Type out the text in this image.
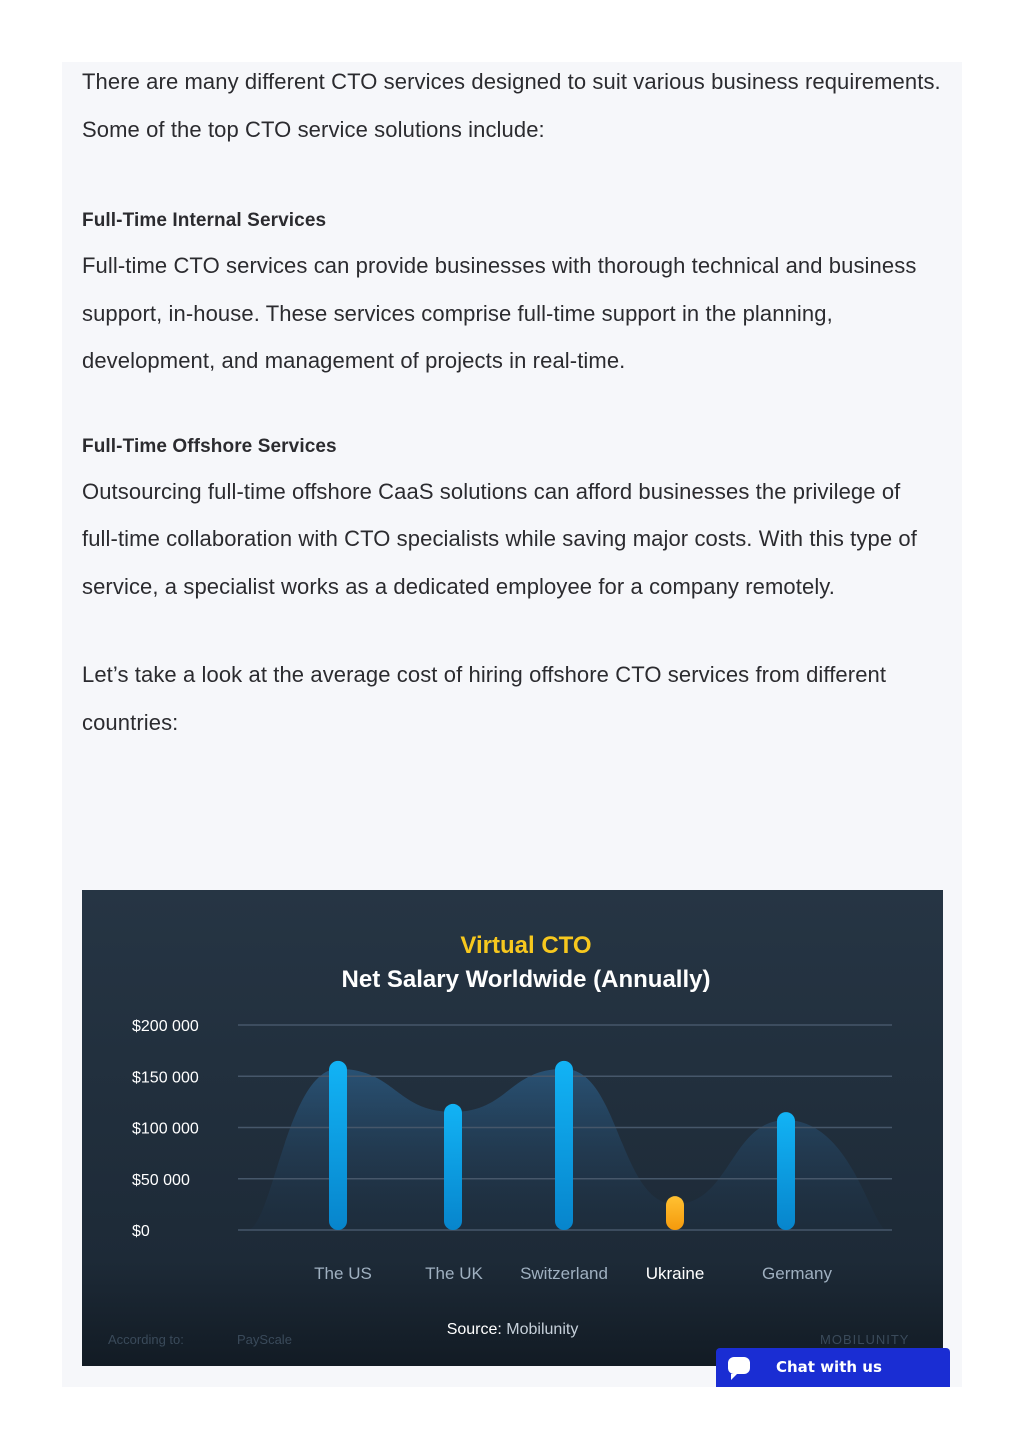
There are many different CTO services designed to suit various business requirements. Some of the top CTO service solutions include:

Full-Time Internal Services

Full-time CTO services can provide businesses with thorough technical and business support, in-house. These services comprise full-time support in the planning, development, and management of projects in real-time.

Full-Time Offshore Services

Outsourcing full-time offshore CaaS solutions can afford businesses the privilege of full-time collaboration with CTO specialists while saving major costs. With this type of service, a specialist works as a dedicated employee for a company remotely.

Let’s take a look at the average cost of hiring offshore CTO services from different countries:

$200 000
$150 000
$100 000
$50 000
$0
The US	The UK Switzerland Ukraine	Germany
Virtual CTO
Net Salary Worldwide (Annually)
According to:	PayScale	MOBILUNITY
Source: Mobilunity
Chat with us
